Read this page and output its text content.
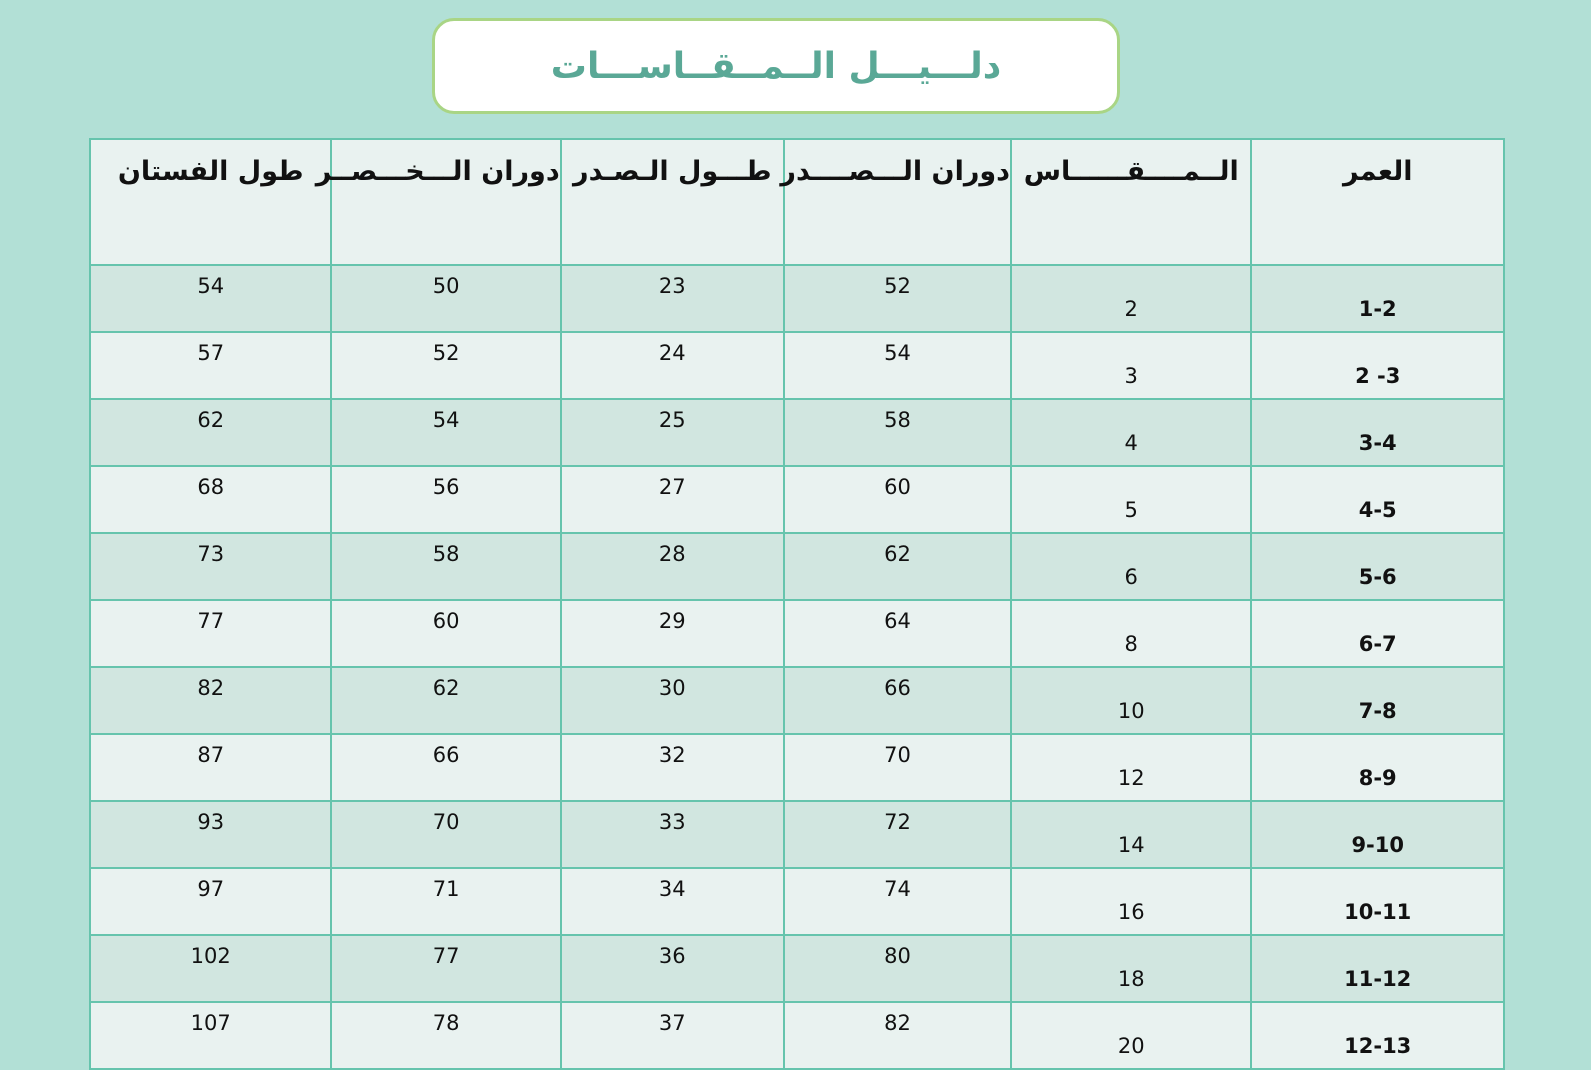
دلـــيـــل الــمــقــاســـات
العمر	الــمــــقــــــاس	دوران الـــصــــدر	طـــول الـصـدر	دوران الـــخـــصــر	طول الفستان
1-2	2	52	23	50	54
2 -3	3	54	24	52	57
3-4	4	58	25	54	62
4-5	5	60	27	56	68
5-6	6	62	28	58	73
6-7	8	64	29	60	77
7-8	10	66	30	62	82
8-9	12	70	32	66	87
9-10	14	72	33	70	93
10-11	16	74	34	71	97
11-12	18	80	36	77	102
12-13	20	82	37	78	107
